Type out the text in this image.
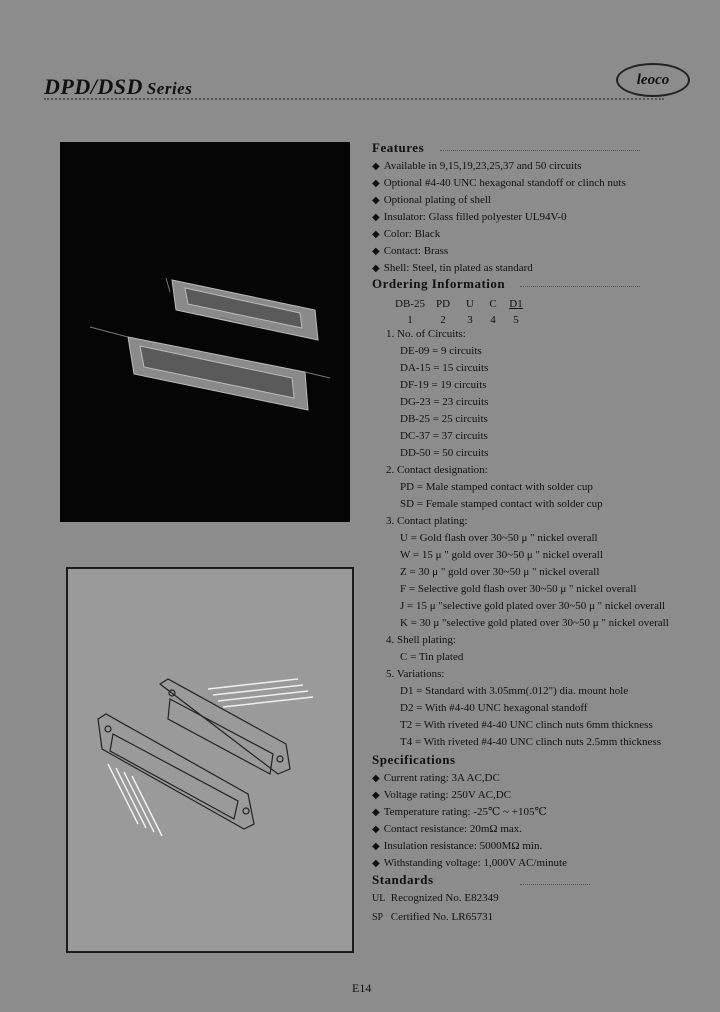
DPD/DSD Series	leoco
Features
◆ Available in 9,15,19,23,25,37 and 50 circuits
◆ Optional #4-40 UNC hexagonal standoff or clinch nuts
◆ Optional plating of shell
◆ Insulator: Glass filled polyester UL94V-0
◆ Color: Black
◆ Contact: Brass
◆ Shell: Steel, tin plated as standard
Ordering Information
DB-25 PD U C D1
1	2 3 4 5
1. No. of Circuits:
DE-09 = 9 circuits
DA-15 = 15 circuits
DF-19 = 19 circuits
DG-23 = 23 circuits
DB-25 = 25 circuits
DC-37 = 37 circuits
DD-50 = 50 circuits
2. Contact designation:
PD = Male stamped contact with solder cup
SD = Female stamped contact with solder cup
3. Contact plating:
U = Gold flash over 30~50 μ " nickel overall
W = 15 μ " gold over 30~50 μ " nickel overall
Z = 30 μ " gold over 30~50 μ " nickel overall
F = Selective gold flash over 30~50 μ " nickel overall
J = 15 μ "selective gold plated over 30~50 μ " nickel overall
K = 30 μ "selective gold plated over 30~50 μ " nickel overall
4. Shell plating:
C = Tin plated
5. Variations:
D1 = Standard with 3.05mm(.012") dia. mount hole
D2 = With #4-40 UNC hexagonal standoff
T2 = With riveted #4-40 UNC clinch nuts 6mm thickness
T4 = With riveted #4-40 UNC clinch nuts 2.5mm thickness
Specifications
◆ Current rating: 3A AC,DC
◆ Voltage rating: 250V AC,DC
◆ Temperature rating: -25℃ ~ +105℃
◆ Contact resistance: 20mΩ max.
◆ Insulation resistance: 5000MΩ min.
◆ Withstanding voltage: 1,000V AC/minute
Standards
UL Recognized No. E82349
SP Certified No. LR65731
E14
